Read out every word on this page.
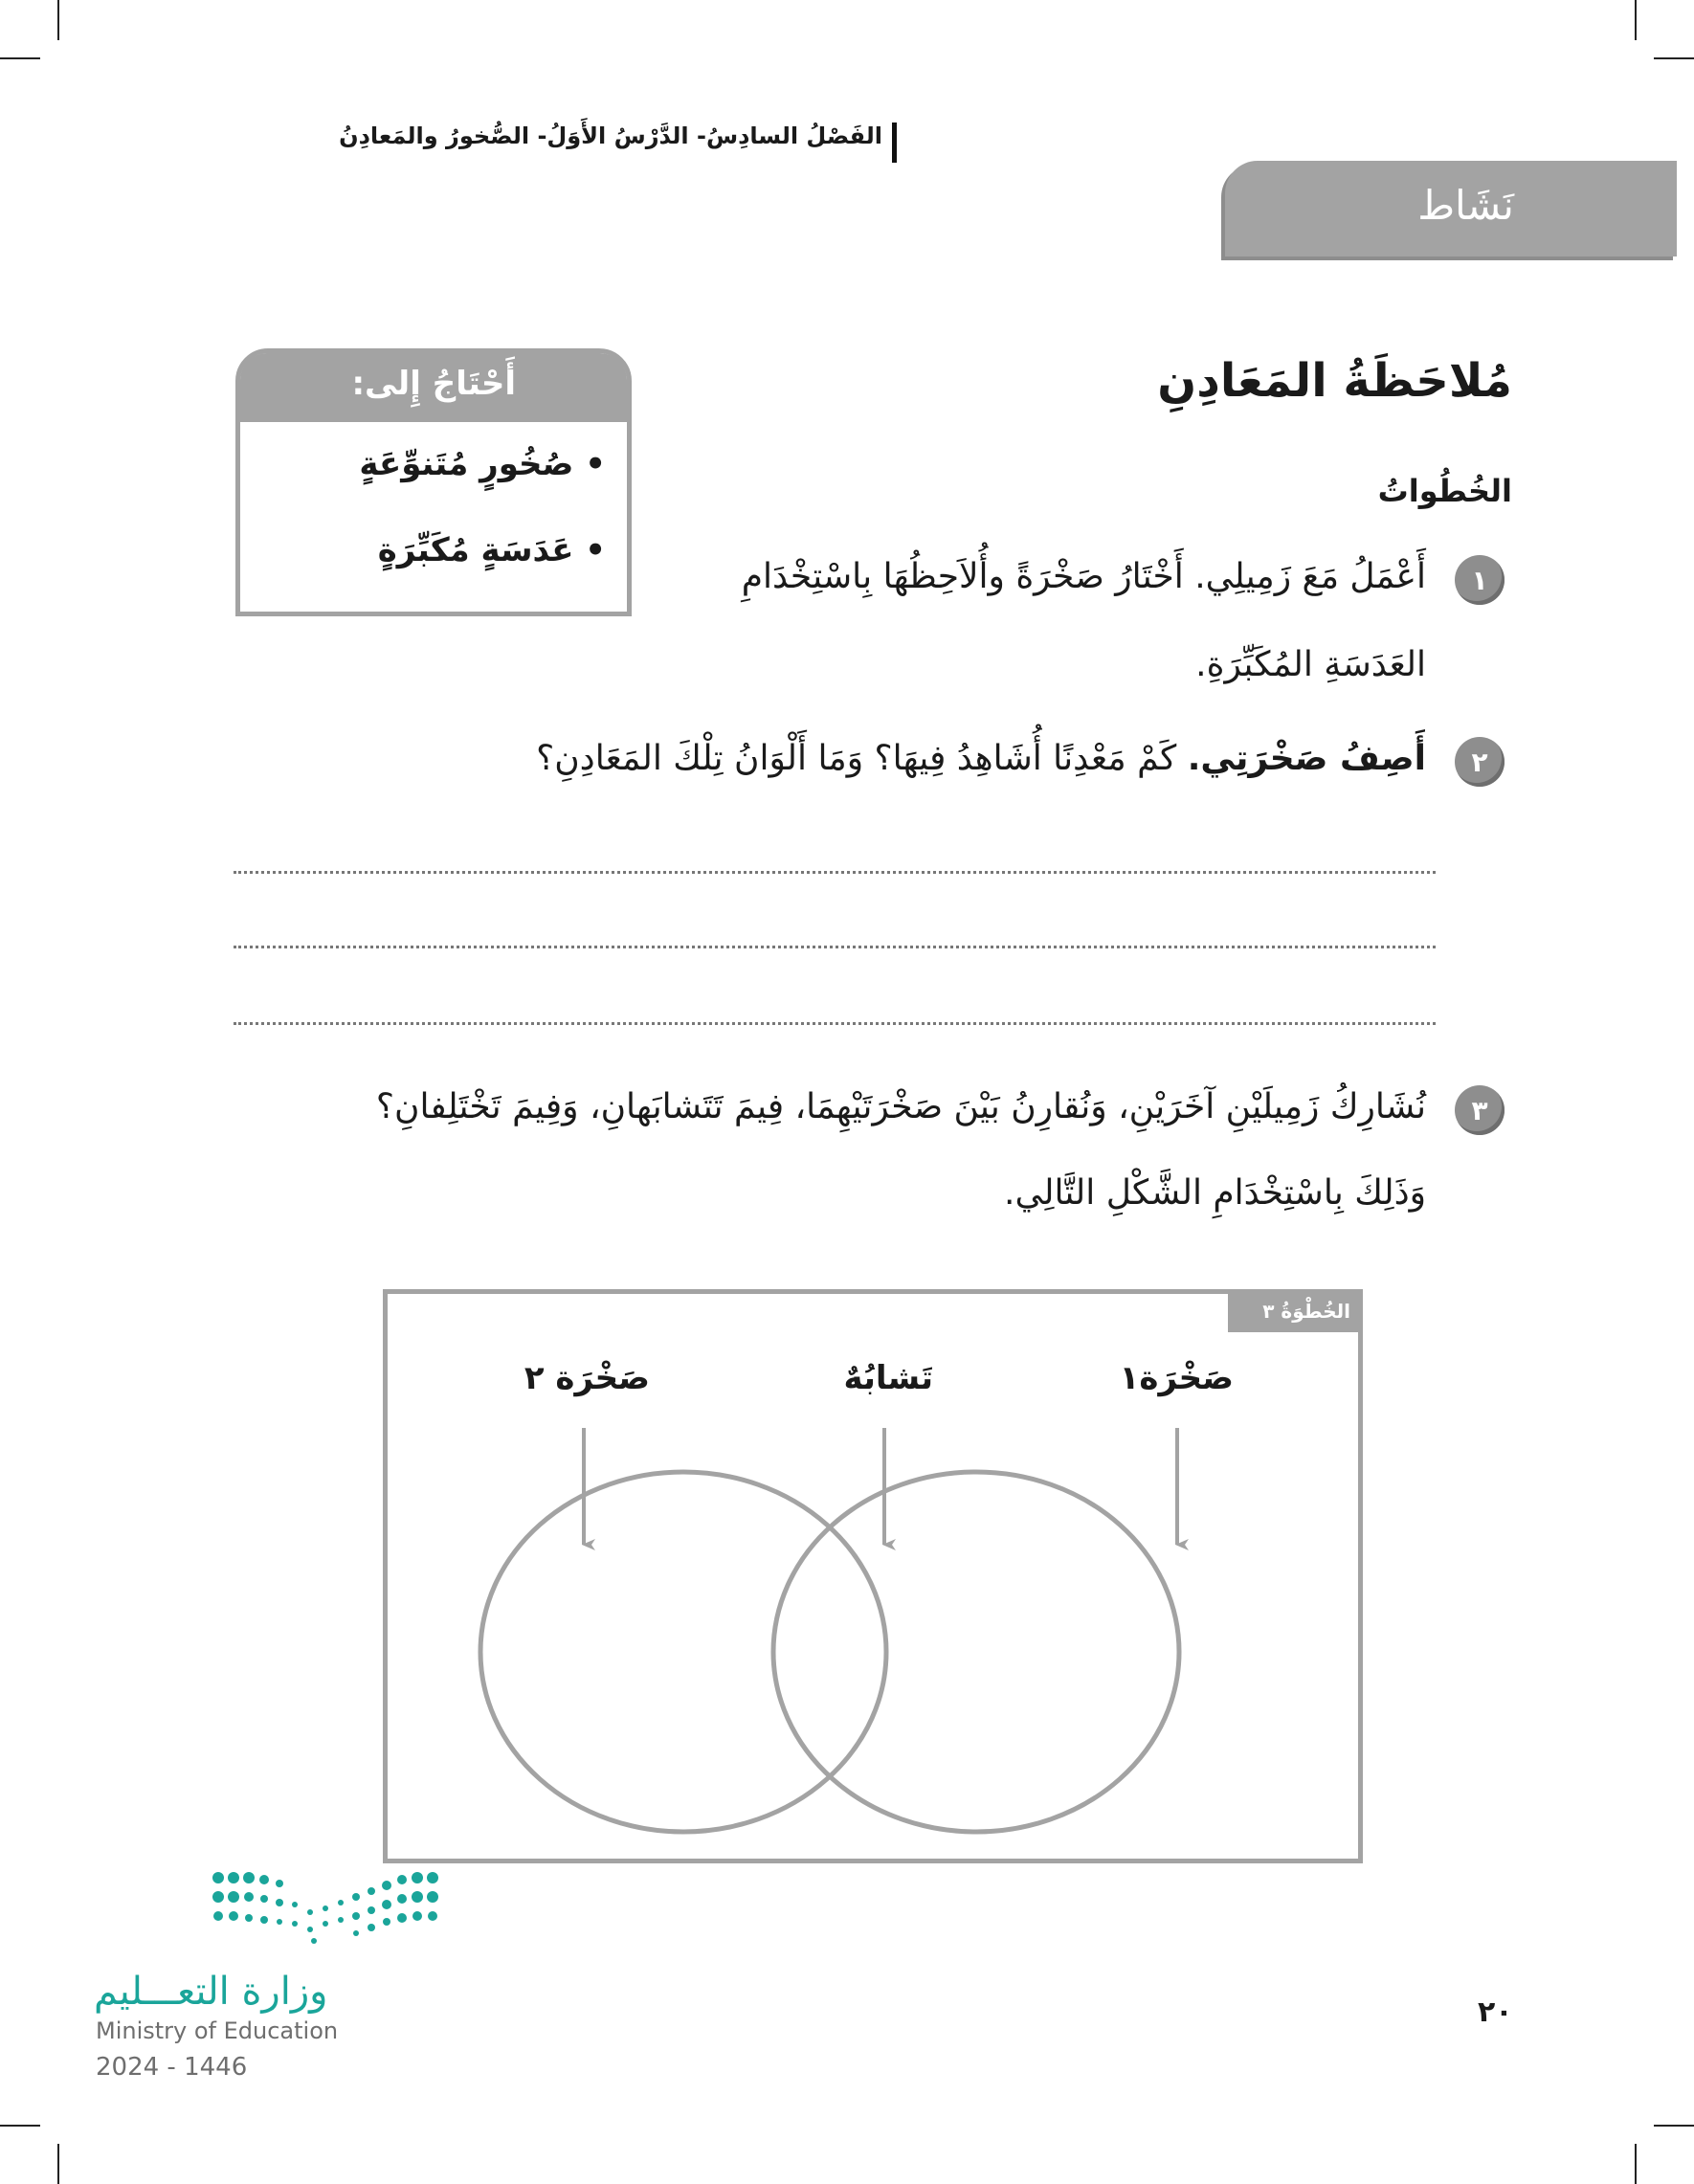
الفَصْلُ السادِسُ- الدَّرْسُ الأَوَلُ- الصُّخورُ والمَعادِنُ
نَشَاط
مُلاحَظَةُ المَعَادِنِ
الخُطُواتُ
أَحْتَاجُ إِلى:
• صُخُورٍ مُتَنوِّعَةٍ
• عَدَسَةٍ مُكَبِّرَةٍ
١
أَعْمَلُ مَعَ زَمِيلِي. أَخْتَارُ صَخْرَةً وأُلاَحِظُهَا بِاسْتِخْدَامِ
العَدَسَةِ المُكَبِّرَةِ.
٢
أَصِفُ صَخْرَتِي. كَمْ مَعْدِنًا أُشَاهِدُ فِيهَا؟ وَمَا أَلْوَانُ تِلْكَ المَعَادِنِ؟
٣
نُشَارِكُ زَمِيلَيْنِ آخَرَيْنِ، وَنُقارِنُ بَيْنَ صَخْرَتَيْهِمَا، فِيمَ تَتَشابَهانِ، وَفِيمَ تَخْتَلِفانِ؟
وَذَلِكَ بِاسْتِخْدَامِ الشَّكْلِ التَّالِي.
الخُطْوَةُ ٣
صَخْرَة١
تَشابُهٌ
صَخْرَة ٢
وزارة التعـــليم
Ministry of Education
2024 - 1446
٢٠
